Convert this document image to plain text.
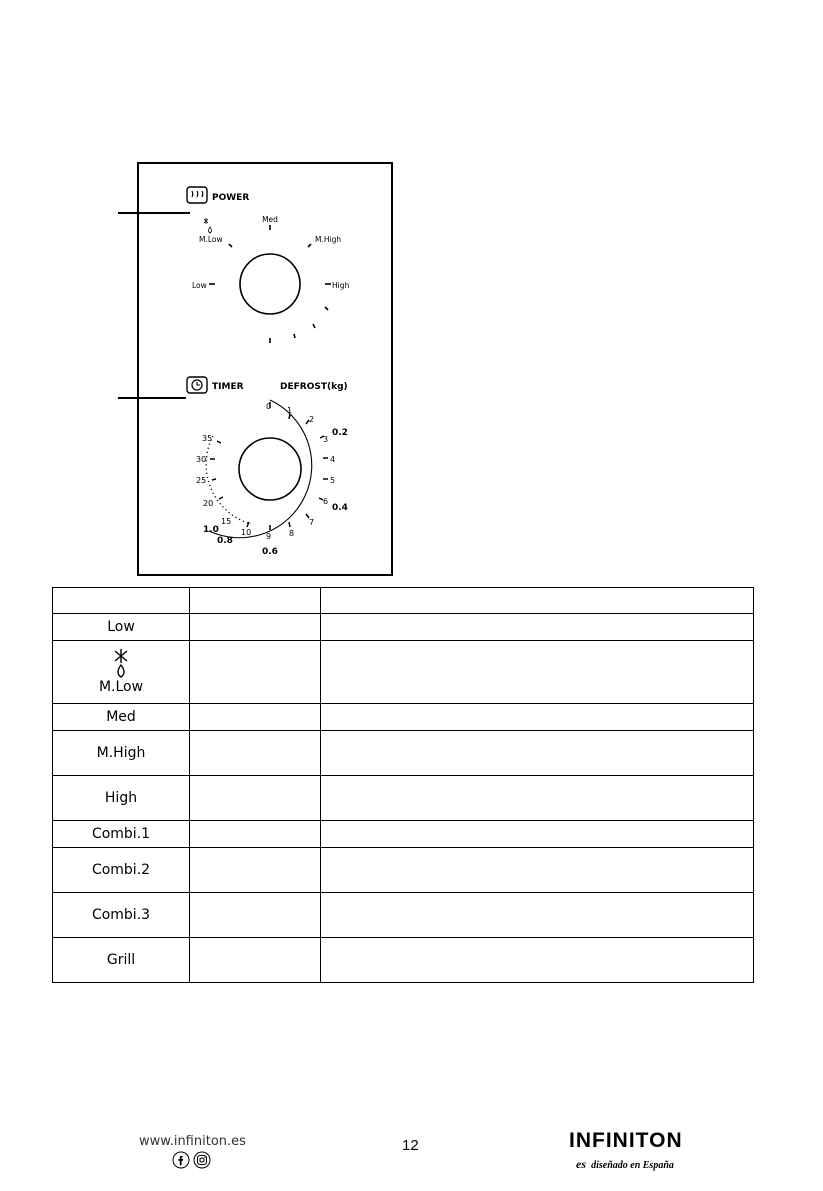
POWER
Med
M.Low	M.High
Low	High
TIMER	DEFROST(kg)
0 1
2
3
4
5
6
7
8
9
10
15
20
25
30
35
0.2
0.4
0.6
0.8
1.0

Low		

M.Low		

Med		
M.High		
High		
Combi.1		
Combi.2		
Combi.3		
Grill		
www.infiniton.es	12	INFINITON
es diseñado en España
